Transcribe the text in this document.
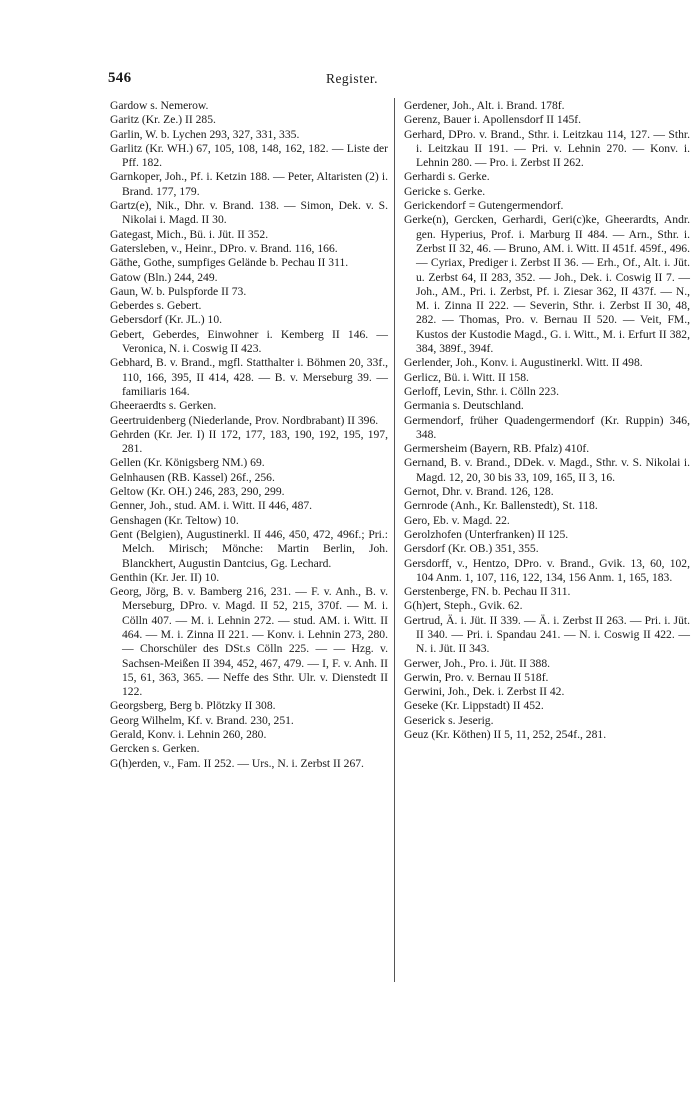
546	Register.

Gardow s. Nemerow.

Garitz (Kr. Ze.) II 285.

Garlin, W. b. Lychen 293, 327, 331, 335.

Garlitz (Kr. WH.) 67, 105, 108, 148, 162, 182. — Liste der Pff. 182.

Garnkoper, Joh., Pf. i. Ketzin 188. — Peter, Altaristen (2) i. Brand. 177, 179.

Gartz(e), Nik., Dhr. v. Brand. 138. — Simon, Dek. v. S. Nikolai i. Magd. II 30.

Gategast, Mich., Bü. i. Jüt. II 352.

Gatersleben, v., Heinr., DPro. v. Brand. 116, 166.

Gäthe, Gothe, sumpfiges Gelände b. Pechau II 311.

Gatow (Bln.) 244, 249.

Gaun, W. b. Pulspforde II 73.

Geberdes s. Gebert.

Gebersdorf (Kr. JL.) 10.

Gebert, Geberdes, Einwohner i. Kemberg II 146. — Veronica, N. i. Coswig II 423.

Gebhard, B. v. Brand., mgfl. Statthalter i. Böhmen 20, 33f., 110, 166, 395, II 414, 428. — B. v. Merseburg 39. — familiaris 164.

Gheeraerdts s. Gerken.

Geertruidenberg (Niederlande, Prov. Nordbrabant) II 396.

Gehrden (Kr. Jer. I) II 172, 177, 183, 190, 192, 195, 197, 281.

Gellen (Kr. Königsberg NM.) 69.

Gelnhausen (RB. Kassel) 26f., 256.

Geltow (Kr. OH.) 246, 283, 290, 299.

Genner, Joh., stud. AM. i. Witt. II 446, 487.

Genshagen (Kr. Teltow) 10.

Gent (Belgien), Augustinerkl. II 446, 450, 472, 496f.; Pri.: Melch. Mirisch; Mönche: Martin Berlin, Joh. Blanckhert, Augustin Dantcius, Gg. Lechard.

Genthin (Kr. Jer. II) 10.

Georg, Jörg, B. v. Bamberg 216, 231. — F. v. Anh., B. v. Merseburg, DPro. v. Magd. II 52, 215, 370f. — M. i. Cölln 407. — M. i. Lehnin 272. — stud. AM. i. Witt. II 464. — M. i. Zinna II 221. — Konv. i. Lehnin 273, 280. — Chorschüler des DSt.s Cölln 225. — — Hzg. v. Sachsen-Meißen II 394, 452, 467, 479. — I, F. v. Anh. II 15, 61, 363, 365. — Neffe des Sthr. Ulr. v. Dienstedt II 122.

Georgsberg, Berg b. Plötzky II 308.

Georg Wilhelm, Kf. v. Brand. 230, 251.

Gerald, Konv. i. Lehnin 260, 280.

Gercken s. Gerken.

G(h)erden, v., Fam. II 252. — Urs., N. i. Zerbst II 267.

Gerdener, Joh., Alt. i. Brand. 178f.

Gerenz, Bauer i. Apollensdorf II 145f.

Gerhard, DPro. v. Brand., Sthr. i. Leitzkau 114, 127. — Sthr. i. Leitzkau II 191. — Pri. v. Lehnin 270. — Konv. i. Lehnin 280. — Pro. i. Zerbst II 262.

Gerhardi s. Gerke.

Gericke s. Gerke.

Gerickendorf = Gutengermendorf.

Gerke(n), Gercken, Gerhardi, Geri(c)ke, Gheerardts, Andr. gen. Hyperius, Prof. i. Marburg II 484. — Arn., Sthr. i. Zerbst II 32, 46. — Bruno, AM. i. Witt. II 451f. 459f., 496. — Cyriax, Prediger i. Zerbst II 36. — Erh., Of., Alt. i. Jüt. u. Zerbst 64, II 283, 352. — Joh., Dek. i. Coswig II 7. — Joh., AM., Pri. i. Zerbst, Pf. i. Ziesar 362, II 437f. — N., M. i. Zinna II 222. — Severin, Sthr. i. Zerbst II 30, 48, 282. — Thomas, Pro. v. Bernau II 520. — Veit, FM., Kustos der Kustodie Magd., G. i. Witt., M. i. Erfurt II 382, 384, 389f., 394f.

Gerlender, Joh., Konv. i. Augustinerkl. Witt. II 498.

Gerlicz, Bü. i. Witt. II 158.

Gerloff, Levin, Sthr. i. Cölln 223.

Germania s. Deutschland.

Germendorf, früher Quadengermendorf (Kr. Ruppin) 346, 348.

Germersheim (Bayern, RB. Pfalz) 410f.

Gernand, B. v. Brand., DDek. v. Magd., Sthr. v. S. Nikolai i. Magd. 12, 20, 30 bis 33, 109, 165, II 3, 16.

Gernot, Dhr. v. Brand. 126, 128.

Gernrode (Anh., Kr. Ballenstedt), St. 118.

Gero, Eb. v. Magd. 22.

Gerolzhofen (Unterfranken) II 125.

Gersdorf (Kr. OB.) 351, 355.

Gersdorff, v., Hentzo, DPro. v. Brand., Gvik. 13, 60, 102, 104 Anm. 1, 107, 116, 122, 134, 156 Anm. 1, 165, 183.

Gerstenberge, FN. b. Pechau II 311.

G(h)ert, Steph., Gvik. 62.

Gertrud, Ä. i. Jüt. II 339. — Ä. i. Zerbst II 263. — Pri. i. Jüt. II 340. — Pri. i. Spandau 241. — N. i. Coswig II 422. — N. i. Jüt. II 343.

Gerwer, Joh., Pro. i. Jüt. II 388.

Gerwin, Pro. v. Bernau II 518f.

Gerwini, Joh., Dek. i. Zerbst II 42.

Geseke (Kr. Lippstadt) II 452.

Geserick s. Jeserig.

Geuz (Kr. Köthen) II 5, 11, 252, 254f., 281.
